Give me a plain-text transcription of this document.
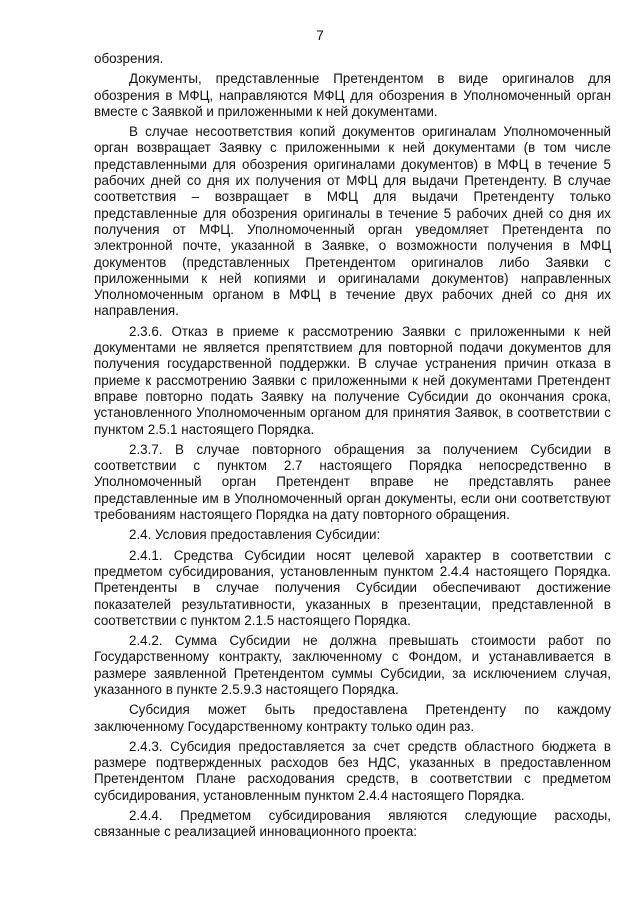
7

обозрения.

Документы, представленные Претендентом в виде оригиналов для обозрения в МФЦ, направляются МФЦ для обозрения в Уполномоченный орган вместе с Заявкой и приложенными к ней документами.

В случае несоответствия копий документов оригиналам Уполномоченный орган возвращает Заявку с приложенными к ней документами (в том числе представленными для обозрения оригиналами документов) в МФЦ в течение 5 рабочих дней со дня их получения от МФЦ для выдачи Претенденту. В случае соответствия – возвращает в МФЦ для выдачи Претенденту только представленные для обозрения оригиналы в течение 5 рабочих дней со дня их получения от МФЦ. Уполномоченный орган уведомляет Претендента по электронной почте, указанной в Заявке, о возможности получения в МФЦ документов (представленных Претендентом оригиналов либо Заявки с приложенными к ней копиями и оригиналами документов) направленных Уполномоченным органом в МФЦ в течение двух рабочих дней со дня их направления.

2.3.6. Отказ в приеме к рассмотрению Заявки с приложенными к ней документами не является препятствием для повторной подачи документов для получения государственной поддержки. В случае устранения причин отказа в приеме к рассмотрению Заявки с приложенными к ней документами Претендент вправе повторно подать Заявку на получение Субсидии до окончания срока, установленного Уполномоченным органом для принятия Заявок, в соответствии с пунктом 2.5.1 настоящего Порядка.

2.3.7. В случае повторного обращения за получением Субсидии в соответствии с пунктом 2.7 настоящего Порядка непосредственно в Уполномоченный орган Претендент вправе не представлять ранее представленные им в Уполномоченный орган документы, если они соответствуют требованиям настоящего Порядка на дату повторного обращения.

2.4. Условия предоставления Субсидии:

2.4.1. Средства Субсидии носят целевой характер в соответствии с предметом субсидирования, установленным пунктом 2.4.4 настоящего Порядка. Претенденты в случае получения Субсидии обеспечивают достижение показателей результативности, указанных в презентации, представленной в соответствии с пунктом 2.1.5 настоящего Порядка.

2.4.2. Сумма Субсидии не должна превышать стоимости работ по Государственному контракту, заключенному с Фондом, и устанавливается в размере заявленной Претендентом суммы Субсидии, за исключением случая, указанного в пункте 2.5.9.3 настоящего Порядка.

Субсидия может быть предоставлена Претенденту по каждому заключенному Государственному контракту только один раз.

2.4.3. Субсидия предоставляется за счет средств областного бюджета в размере подтвержденных расходов без НДС, указанных в предоставленном Претендентом Плане расходования средств, в соответствии с предметом субсидирования, установленным пунктом 2.4.4 настоящего Порядка.

2.4.4. Предметом субсидирования являются следующие расходы, связанные с реализацией инновационного проекта:
